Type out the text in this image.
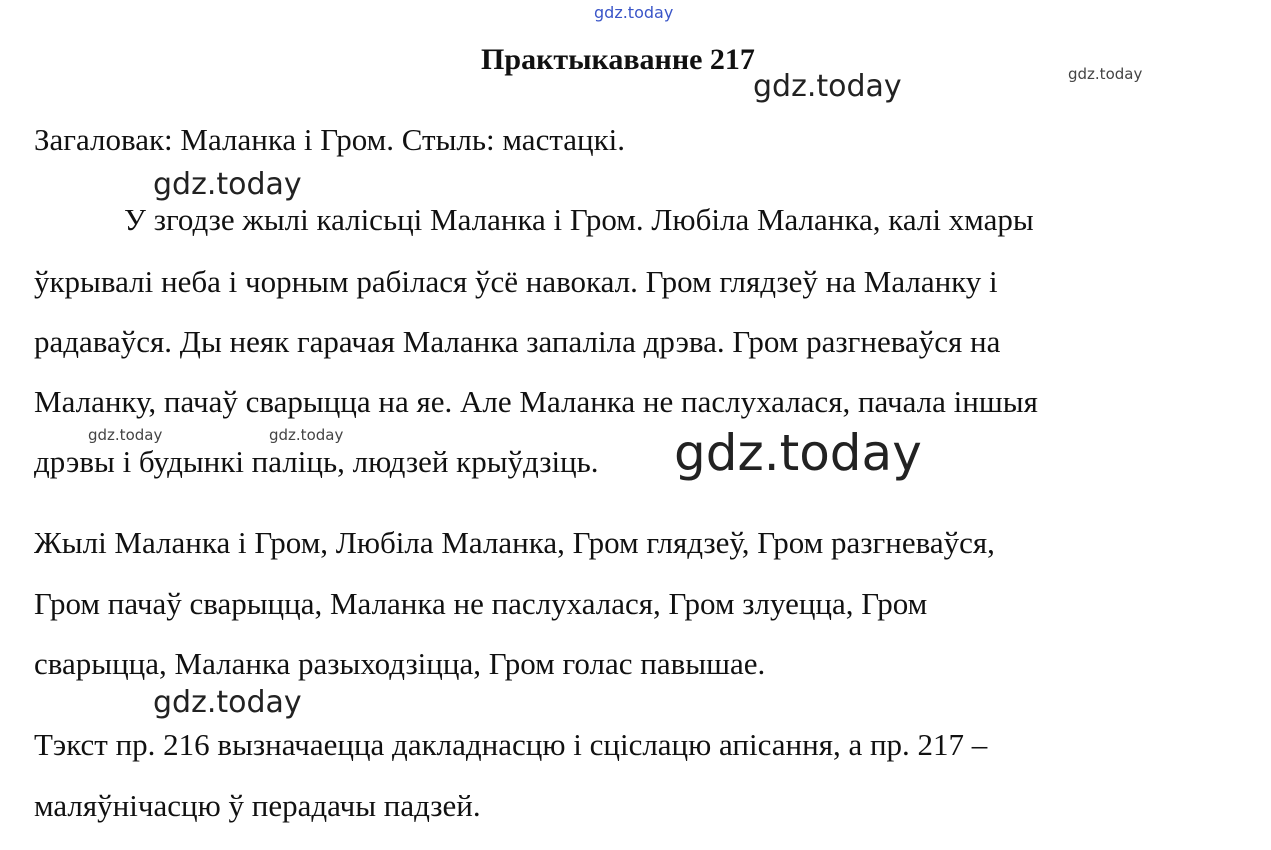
gdz.today
Практыкаванне 217
gdz.today	gdz.today
Загаловак: Маланка і Гром. Стыль: мастацкі.
gdz.today
У згодзе жылі калісьці Маланка і Гром. Любіла Маланка, калі хмары
ўкрывалі неба і чорным рабілася ўсё навокал. Гром глядзеў на Маланку і
радаваўся. Ды неяк гарачая Маланка запаліла дрэва. Гром разгневаўся на
Маланку, пачаў сварыцца на яе. Але Маланка не паслухалася, пачала іншыя
дрэвы і будынкі паліць, людзей крыўдзіць.
gdz.today	gdz.today	gdz.today
Жылі Маланка і Гром, Любіла Маланка, Гром глядзеў, Гром разгневаўся,
Гром пачаў сварыцца, Маланка не паслухалася, Гром злуецца, Гром
сварыцца, Маланка разыходзіцца, Гром голас павышае.
gdz.today
Тэкст пр. 216 вызначаецца дакладнасцю і сціслацю апісання, а пр. 217 –
маляўнічасцю ў перадачы падзей.
